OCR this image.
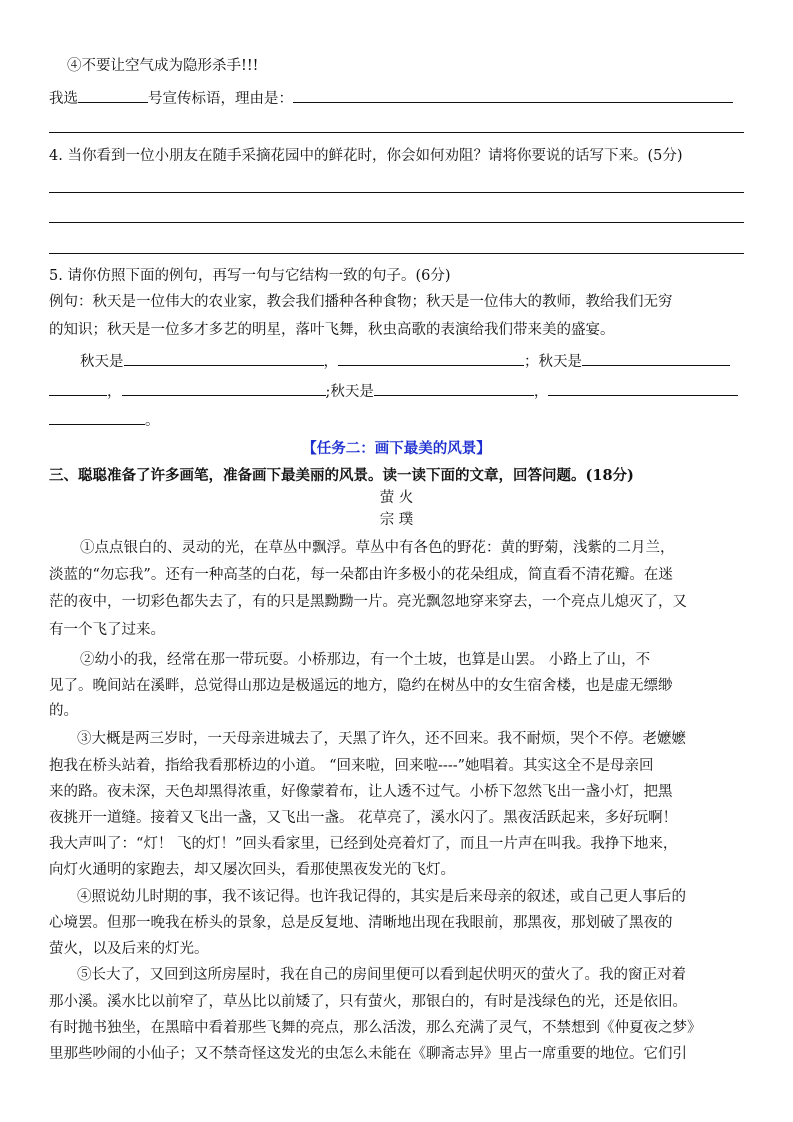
④不要让空气成为隐形杀手!!!
我选	号宣传标语，理由是：
4. 当你看到一位小朋友在随手采摘花园中的鲜花时，你会如何劝阻？请将你要说的话写下来。(5分)
5. 请你仿照下面的例句，再写一句与它结构一致的句子。(6分)
例句：秋天是一位伟大的农业家，教会我们播种各种食物；秋天是一位伟大的教师，教给我们无穷
的知识；秋天是一位多才多艺的明星，落叶飞舞，秋虫高歌的表演给我们带来美的盛宴。
秋天是	，	；秋天是
，	;秋天是	，
。
【任务二：画下最美的风景】
三、聪聪准备了许多画笔，准备画下最美丽的风景。读一读下面的文章，回答问题。(18分)
萤 火
宗 璞
①点点银白的、灵动的光，在草丛中飘浮。草丛中有各色的野花：黄的野菊，浅紫的二月兰，
淡蓝的“勿忘我”。还有一种高茎的白花，每一朵都由许多极小的花朵组成，简直看不清花瓣。在迷
茫的夜中，一切彩色都失去了，有的只是黑黝黝一片。亮光飘忽地穿来穿去，一个亮点儿熄灭了，又
有一个飞了过来。
②幼小的我，经常在那一带玩耍。小桥那边，有一个土坡，也算是山罢。 小路上了山，不
见了。晚间站在溪畔，总觉得山那边是极遥远的地方，隐约在树丛中的女生宿舍楼，也是虚无缥缈
的。
③大概是两三岁时，一天母亲进城去了，天黑了许久，还不回来。我不耐烦，哭个不停。老嬷嬷
抱我在桥头站着，指给我看那桥边的小道。 “回来啦，回来啦----”她唱着。其实这全不是母亲回
来的路。夜未深，天色却黑得浓重，好像蒙着布，让人透不过气。小桥下忽然飞出一盏小灯，把黑
夜挑开一道缝。接着又飞出一盏，又飞出一盏。 花草亮了，溪水闪了。黑夜活跃起来，多好玩啊！
我大声叫了：“灯！ 飞的灯！”回头看家里，已经到处亮着灯了，而且一片声在叫我。我挣下地来，
向灯火通明的家跑去，却又屡次回头，看那使黑夜发光的飞灯。
④照说幼儿时期的事，我不该记得。也许我记得的，其实是后来母亲的叙述，或自己更人事后的
心境罢。但那一晚我在桥头的景象，总是反复地、清晰地出现在我眼前，那黑夜，那划破了黑夜的
萤火，以及后来的灯光。
⑤长大了，又回到这所房屋时，我在自己的房间里便可以看到起伏明灭的萤火了。我的窗正对着
那小溪。溪水比以前窄了，草丛比以前矮了，只有萤火，那银白的，有时是浅绿色的光，还是依旧。
有时抛书独坐，在黑暗中看着那些飞舞的亮点，那么活泼，那么充满了灵气，不禁想到《仲夏夜之梦》
里那些吵闹的小仙子；又不禁奇怪这发光的虫怎么未能在《聊斋志异》里占一席重要的地位。它们引
